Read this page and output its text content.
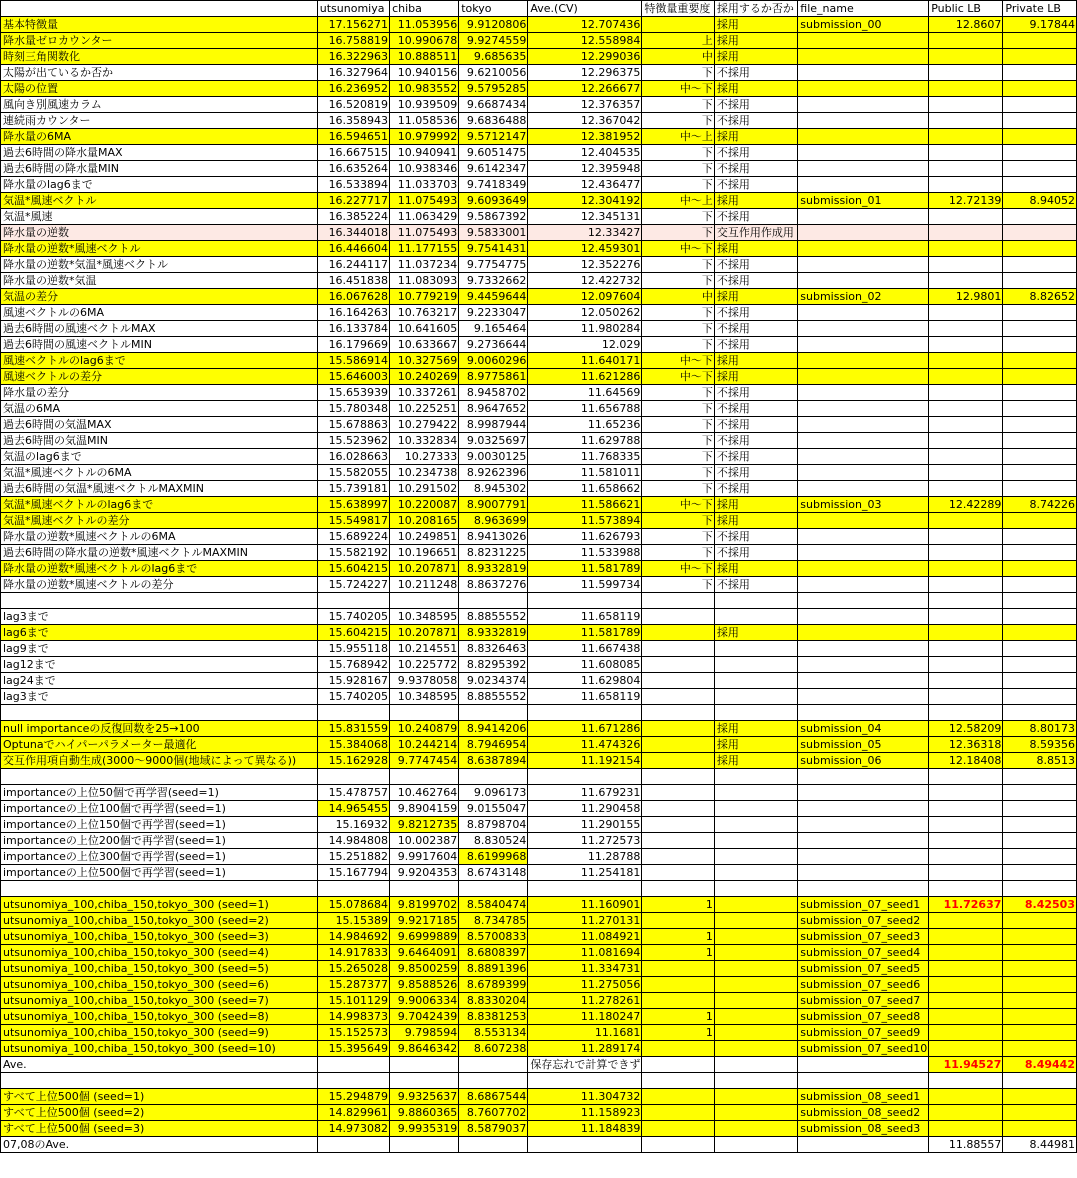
	utsunomiya	chiba	tokyo	Ave.(CV)	特徴量重要度	採用するか否か	file_name	Public LB	Private LB
基本特徴量	17.156271	11.053956	9.9120806	12.707436		採用	submission_00	12.8607	9.17844
降水量ゼロカウンター	16.758819	10.990678	9.9274559	12.558984	上	採用			
時刻三角関数化	16.322963	10.888511	9.685635	12.299036	中	採用			
太陽が出ているか否か	16.327964	10.940156	9.6210056	12.296375	下	不採用			
太陽の位置	16.236952	10.983552	9.5795285	12.266677	中～下	採用			
風向き別風速カラム	16.520819	10.939509	9.6687434	12.376357	下	不採用			
連続雨カウンター	16.358943	11.058536	9.6836488	12.367042	下	不採用			
降水量の6MA	16.594651	10.979992	9.5712147	12.381952	中～上	採用			
過去6時間の降水量MAX	16.667515	10.940941	9.6051475	12.404535	下	不採用			
過去6時間の降水量MIN	16.635264	10.938346	9.6142347	12.395948	下	不採用			
降水量のlag6まで	16.533894	11.033703	9.7418349	12.436477	下	不採用			
気温*風速ベクトル	16.227717	11.075493	9.6093649	12.304192	中～上	採用	submission_01	12.72139	8.94052
気温*風速	16.385224	11.063429	9.5867392	12.345131	下	不採用			
降水量の逆数	16.344018	11.075493	9.5833001	12.33427	下	交互作用作成用			
降水量の逆数*風速ベクトル	16.446604	11.177155	9.7541431	12.459301	中～下	採用			
降水量の逆数*気温*風速ベクトル	16.244117	11.037234	9.7754775	12.352276	下	不採用			
降水量の逆数*気温	16.451838	11.083093	9.7332662	12.422732	下	不採用			
気温の差分	16.067628	10.779219	9.4459644	12.097604	中	採用	submission_02	12.9801	8.82652
風速ベクトルの6MA	16.164263	10.763217	9.2233047	12.050262	下	不採用			
過去6時間の風速ベクトルMAX	16.133784	10.641605	9.165464	11.980284	下	不採用			
過去6時間の風速ベクトルMIN	16.179669	10.633667	9.2736644	12.029	下	不採用			
風速ベクトルのlag6まで	15.586914	10.327569	9.0060296	11.640171	中～下	採用			
風速ベクトルの差分	15.646003	10.240269	8.9775861	11.621286	中～下	採用			
降水量の差分	15.653939	10.337261	8.9458702	11.64569	下	不採用			
気温の6MA	15.780348	10.225251	8.9647652	11.656788	下	不採用			
過去6時間の気温MAX	15.678863	10.279422	8.9987944	11.65236	下	不採用			
過去6時間の気温MIN	15.523962	10.332834	9.0325697	11.629788	下	不採用			
気温のlag6まで	16.028663	10.27333	9.0030125	11.768335	下	不採用			
気温*風速ベクトルの6MA	15.582055	10.234738	8.9262396	11.581011	下	不採用			
過去6時間の気温*風速ベクトルMAXMIN	15.739181	10.291502	8.945302	11.658662	下	不採用			
気温*風速ベクトルのlag6まで	15.638997	10.220087	8.9007791	11.586621	中～下	採用	submission_03	12.42289	8.74226
気温*風速ベクトルの差分	15.549817	10.208165	8.963699	11.573894	下	採用			
降水量の逆数*風速ベクトルの6MA	15.689224	10.249851	8.9413026	11.626793	下	不採用			
過去6時間の降水量の逆数*風速ベクトルMAXMIN	15.582192	10.196651	8.8231225	11.533988	下	不採用			
降水量の逆数*風速ベクトルのlag6まで	15.604215	10.207871	8.9332819	11.581789	中～下	採用			
降水量の逆数*風速ベクトルの差分	15.724227	10.211248	8.8637276	11.599734	下	不採用			

lag3まで	15.740205	10.348595	8.8855552	11.658119					
lag6まで	15.604215	10.207871	8.9332819	11.581789		採用			
lag9まで	15.955118	10.214551	8.8326463	11.667438					
lag12まで	15.768942	10.225772	8.8295392	11.608085					
lag24まで	15.928167	9.9378058	9.0234374	11.629804					
lag3まで	15.740205	10.348595	8.8855552	11.658119					

null importanceの反復回数を25→100	15.831559	10.240879	8.9414206	11.671286		採用	submission_04	12.58209	8.80173
Optunaでハイパーパラメーター最適化	15.384068	10.244214	8.7946954	11.474326		採用	submission_05	12.36318	8.59356
交互作用項自動生成(3000～9000個(地域によって異なる))	15.162928	9.7747454	8.6387894	11.192154		採用	submission_06	12.18408	8.8513

importanceの上位50個で再学習(seed=1)	15.478757	10.462764	9.096173	11.679231					
importanceの上位100個で再学習(seed=1)	14.965455	9.8904159	9.0155047	11.290458					
importanceの上位150個で再学習(seed=1)	15.16932	9.8212735	8.8798704	11.290155					
importanceの上位200個で再学習(seed=1)	14.984808	10.002387	8.830524	11.272573					
importanceの上位300個で再学習(seed=1)	15.251882	9.9917604	8.6199968	11.28788					
importanceの上位500個で再学習(seed=1)	15.167794	9.9204353	8.6743148	11.254181					

utsunomiya_100,chiba_150,tokyo_300 (seed=1)	15.078684	9.8199702	8.5840474	11.160901	1		submission_07_seed1	11.72637	8.42503
utsunomiya_100,chiba_150,tokyo_300 (seed=2)	15.15389	9.9217185	8.734785	11.270131			submission_07_seed2		
utsunomiya_100,chiba_150,tokyo_300 (seed=3)	14.984692	9.6999889	8.5700833	11.084921	1		submission_07_seed3		
utsunomiya_100,chiba_150,tokyo_300 (seed=4)	14.917833	9.6464091	8.6808397	11.081694	1		submission_07_seed4		
utsunomiya_100,chiba_150,tokyo_300 (seed=5)	15.265028	9.8500259	8.8891396	11.334731			submission_07_seed5		
utsunomiya_100,chiba_150,tokyo_300 (seed=6)	15.287377	9.8588526	8.6789399	11.275056			submission_07_seed6		
utsunomiya_100,chiba_150,tokyo_300 (seed=7)	15.101129	9.9006334	8.8330204	11.278261			submission_07_seed7		
utsunomiya_100,chiba_150,tokyo_300 (seed=8)	14.998373	9.7042439	8.8381253	11.180247	1		submission_07_seed8		
utsunomiya_100,chiba_150,tokyo_300 (seed=9)	15.152573	9.798594	8.553134	11.1681	1		submission_07_seed9		
utsunomiya_100,chiba_150,tokyo_300 (seed=10)	15.395649	9.8646342	8.607238	11.289174			submission_07_seed10		
Ave.				保存忘れで計算できず				11.94527	8.49442

すべて上位500個 (seed=1)	15.294879	9.9325637	8.6867544	11.304732			submission_08_seed1		
すべて上位500個 (seed=2)	14.829961	9.8860365	8.7607702	11.158923			submission_08_seed2		
すべて上位500個 (seed=3)	14.973082	9.9935319	8.5879037	11.184839			submission_08_seed3		
07,08のAve.								11.88557	8.44981
